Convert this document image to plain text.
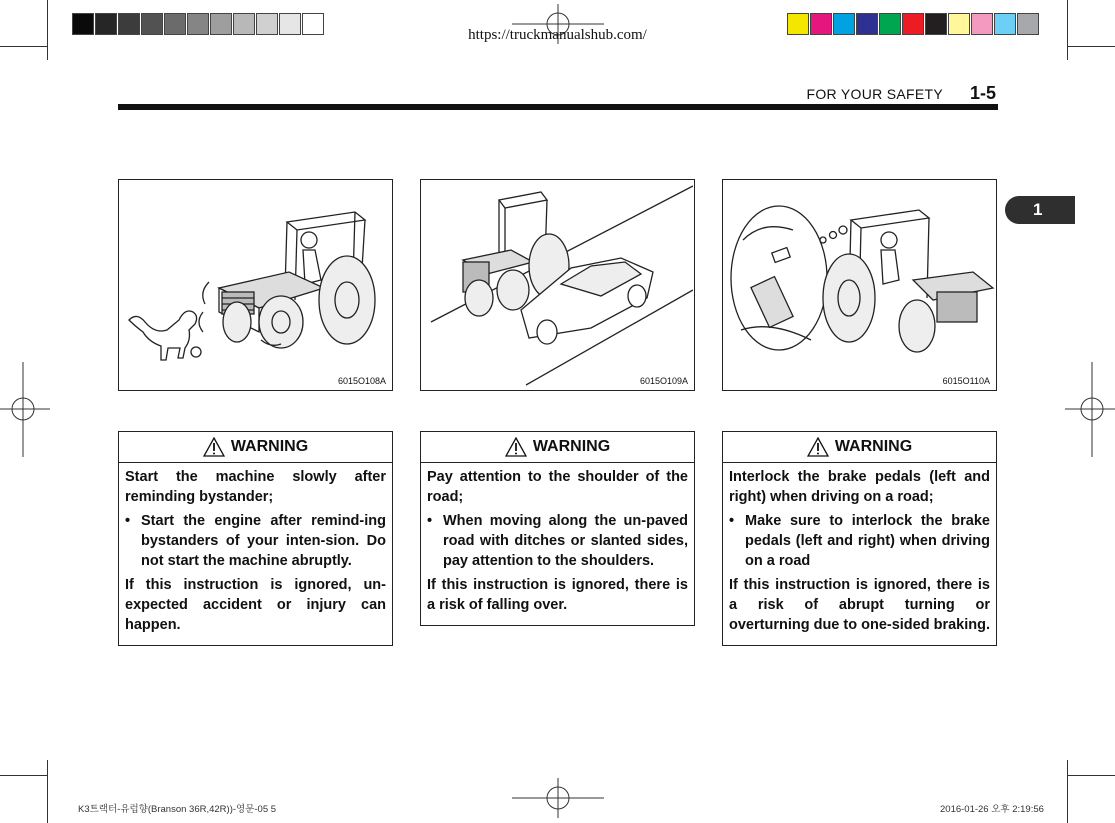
https://truckmanualshub.com/
FOR YOUR SAFETY 1-5
1
6015O108A	6015O109A	6015O110A
WARNING

Start the machine slowly after reminding bystander;

• Start the engine after remind-ing bystanders of your inten-sion. Do not start the machine abruptly.

If this instruction is ignored, un-expected accident or injury can happen.

WARNING

Pay attention to the shoulder of the road;

• When moving along the un-paved road with ditches or slanted sides, pay attention to the shoulders.

If this instruction is ignored, there is a risk of falling over.

WARNING

Interlock the brake pedals (left and right) when driving on a road;

• Make sure to interlock the brake pedals (left and right) when driving on a road

If this instruction is ignored, there is a risk of abrupt turning or overturning due to one-sided braking.

K3트랙터-유럽향(Branson 36R,42R))-영문-05 5	2016-01-26 오후 2:19:56
